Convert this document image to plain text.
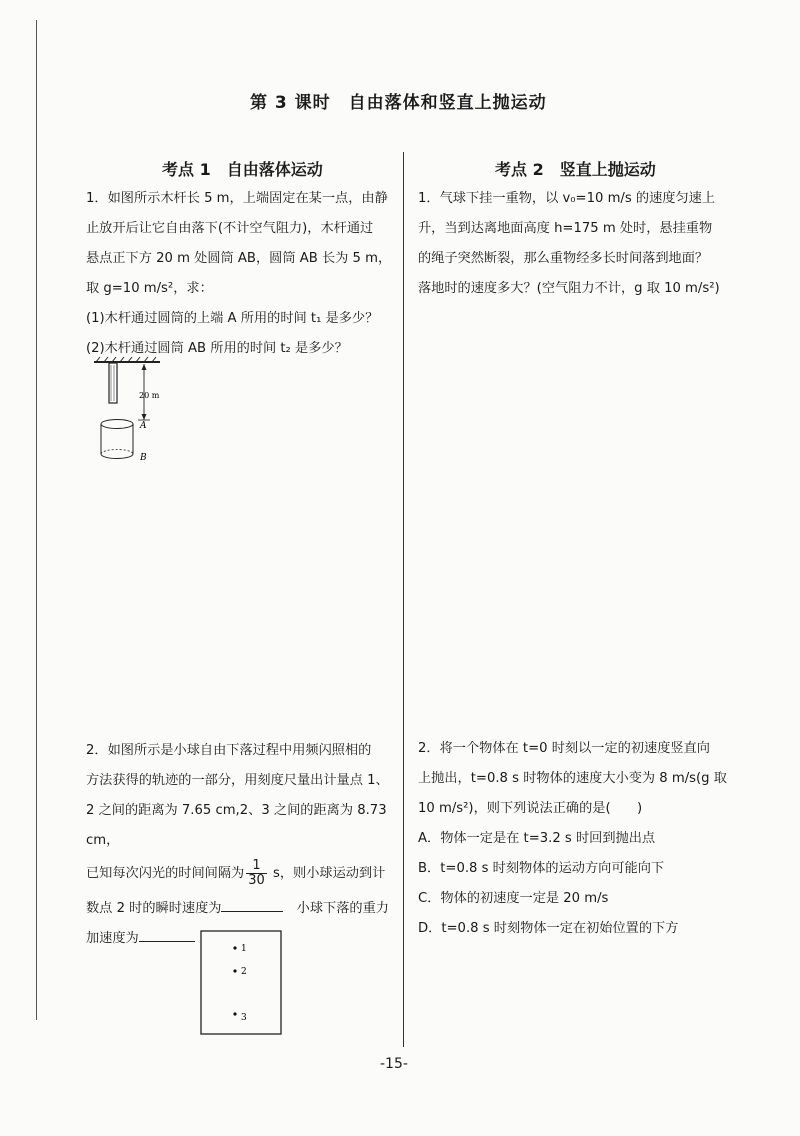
第 3 课时　自由落体和竖直上抛运动
考点 1　自由落体运动

1．如图所示木杆长 5 m，上端固定在某一点，由静

止放开后让它自由落下(不计空气阻力)，木杆通过

悬点正下方 20 m 处圆筒 AB，圆筒 AB 长为 5 m，

取 g=10 m/s²，求：

(1)木杆通过圆筒的上端 A 所用的时间 t₁ 是多少？

(2)木杆通过圆筒 AB 所用的时间 t₂ 是多少？

20 m
A
B

2．如图所示是小球自由下落过程中用频闪照相的

方法获得的轨迹的一部分，用刻度尺量出计量点 1、

2 之间的距离为 7.65 cm,2、3 之间的距离为 8.73 cm，

已知每次闪光的时间间隔为 $\frac{1}{30}$ s，则小球运动到计

数点 2 时的瞬时速度为	　小球下落的重力

加速度为

1
2
3
考点 2　竖直上抛运动

1．气球下挂一重物，以 v₀=10 m/s 的速度匀速上

升，当到达离地面高度 h=175 m 处时，悬挂重物

的绳子突然断裂，那么重物经多长时间落到地面？

落地时的速度多大？(空气阻力不计，g 取 10 m/s²)

2．将一个物体在 t=0 时刻以一定的初速度竖直向

上抛出，t=0.8 s 时物体的速度大小变为 8 m/s(g 取

10 m/s²)，则下列说法正确的是(　　)

A．物体一定是在 t=3.2 s 时回到抛出点

B．t=0.8 s 时刻物体的运动方向可能向下

C．物体的初速度一定是 20 m/s

D．t=0.8 s 时刻物体一定在初始位置的下方

-15-
